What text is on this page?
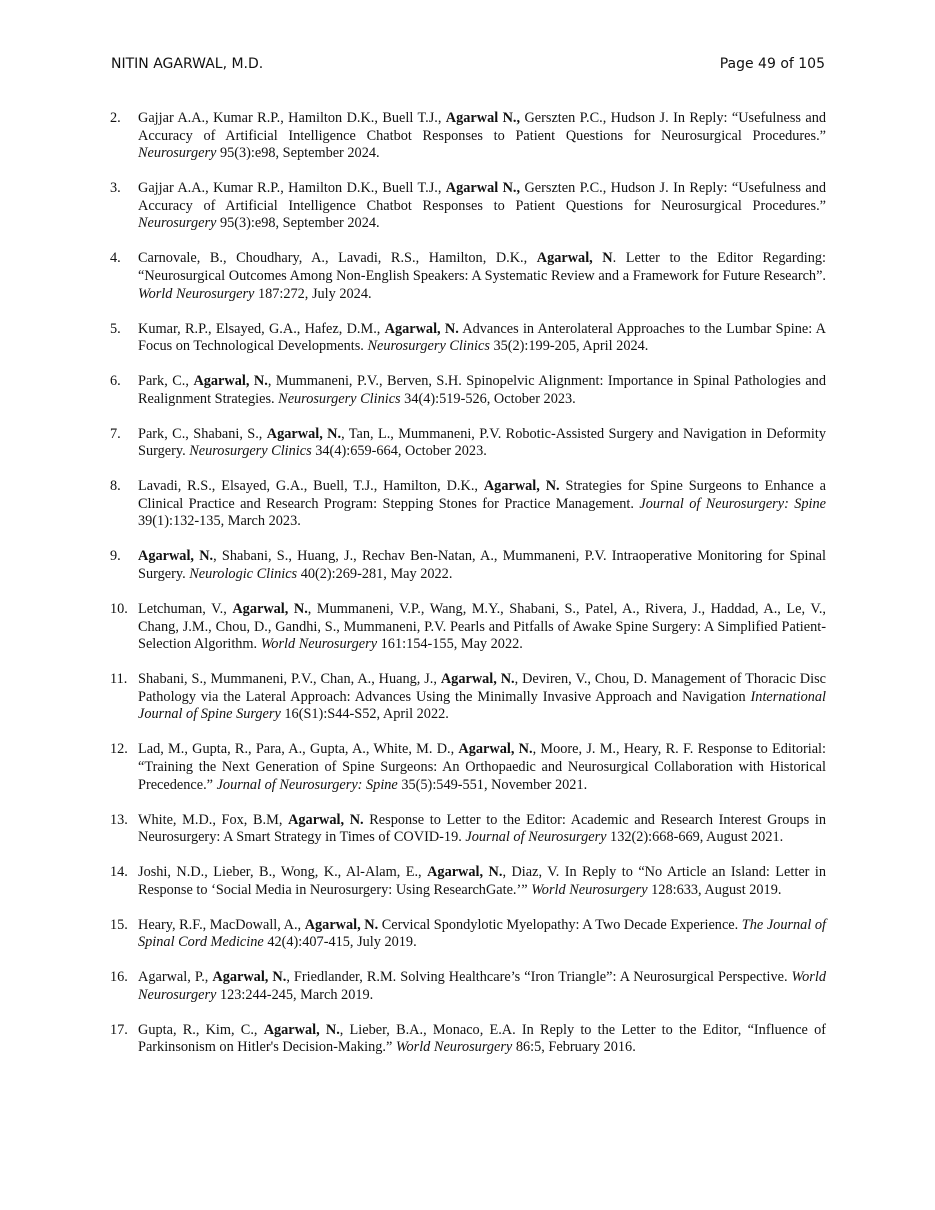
NITIN AGARWAL, M.D.	Page 49 of 105
2. Gajjar A.A., Kumar R.P., Hamilton D.K., Buell T.J., Agarwal N., Gerszten P.C., Hudson J. In Reply: “Usefulness and Accuracy of Artificial Intelligence Chatbot Responses to Patient Questions for Neurosurgical Procedures.” Neurosurgery 95(3):e98, September 2024.
3. Gajjar A.A., Kumar R.P., Hamilton D.K., Buell T.J., Agarwal N., Gerszten P.C., Hudson J. In Reply: “Usefulness and Accuracy of Artificial Intelligence Chatbot Responses to Patient Questions for Neurosurgical Procedures.” Neurosurgery 95(3):e98, September 2024.
4. Carnovale, B., Choudhary, A., Lavadi, R.S., Hamilton, D.K., Agarwal, N. Letter to the Editor Regarding: “Neurosurgical Outcomes Among Non-English Speakers: A Systematic Review and a Framework for Future Research”. World Neurosurgery 187:272, July 2024.
5. Kumar, R.P., Elsayed, G.A., Hafez, D.M., Agarwal, N. Advances in Anterolateral Approaches to the Lumbar Spine: A Focus on Technological Developments. Neurosurgery Clinics 35(2):199-205, April 2024.
6. Park, C., Agarwal, N., Mummaneni, P.V., Berven, S.H. Spinopelvic Alignment: Importance in Spinal Pathologies and Realignment Strategies. Neurosurgery Clinics 34(4):519-526, October 2023.
7. Park, C., Shabani, S., Agarwal, N., Tan, L., Mummaneni, P.V. Robotic-Assisted Surgery and Navigation in Deformity Surgery. Neurosurgery Clinics 34(4):659-664, October 2023.
8. Lavadi, R.S., Elsayed, G.A., Buell, T.J., Hamilton, D.K., Agarwal, N. Strategies for Spine Surgeons to Enhance a Clinical Practice and Research Program: Stepping Stones for Practice Management. Journal of Neurosurgery: Spine 39(1):132-135, March 2023.
9. Agarwal, N., Shabani, S., Huang, J., Rechav Ben-Natan, A., Mummaneni, P.V. Intraoperative Monitoring for Spinal Surgery. Neurologic Clinics 40(2):269-281, May 2022.
10. Letchuman, V., Agarwal, N., Mummaneni, V.P., Wang, M.Y., Shabani, S., Patel, A., Rivera, J., Haddad, A., Le, V., Chang, J.M., Chou, D., Gandhi, S., Mummaneni, P.V. Pearls and Pitfalls of Awake Spine Surgery: A Simplified Patient-Selection Algorithm. World Neurosurgery 161:154-155, May 2022.
11. Shabani, S., Mummaneni, P.V., Chan, A., Huang, J., Agarwal, N., Deviren, V., Chou, D. Management of Thoracic Disc Pathology via the Lateral Approach: Advances Using the Minimally Invasive Approach and Navigation International Journal of Spine Surgery 16(S1):S44-S52, April 2022.
12. Lad, M., Gupta, R., Para, A., Gupta, A., White, M. D., Agarwal, N., Moore, J. M., Heary, R. F. Response to Editorial: “Training the Next Generation of Spine Surgeons: An Orthopaedic and Neurosurgical Collaboration with Historical Precedence.” Journal of Neurosurgery: Spine 35(5):549-551, November 2021.
13. White, M.D., Fox, B.M, Agarwal, N. Response to Letter to the Editor: Academic and Research Interest Groups in Neurosurgery: A Smart Strategy in Times of COVID-19. Journal of Neurosurgery 132(2):668-669, August 2021.
14. Joshi, N.D., Lieber, B., Wong, K., Al-Alam, E., Agarwal, N., Diaz, V. In Reply to “No Article an Island: Letter in Response to ‘Social Media in Neurosurgery: Using ResearchGate.’” World Neurosurgery 128:633, August 2019.
15. Heary, R.F., MacDowall, A., Agarwal, N. Cervical Spondylotic Myelopathy: A Two Decade Experience. The Journal of Spinal Cord Medicine 42(4):407-415, July 2019.
16. Agarwal, P., Agarwal, N., Friedlander, R.M. Solving Healthcare’s “Iron Triangle”: A Neurosurgical Perspective. World Neurosurgery 123:244-245, March 2019.
17. Gupta, R., Kim, C., Agarwal, N., Lieber, B.A., Monaco, E.A. In Reply to the Letter to the Editor, “Influence of Parkinsonism on Hitler's Decision-Making.” World Neurosurgery 86:5, February 2016.
